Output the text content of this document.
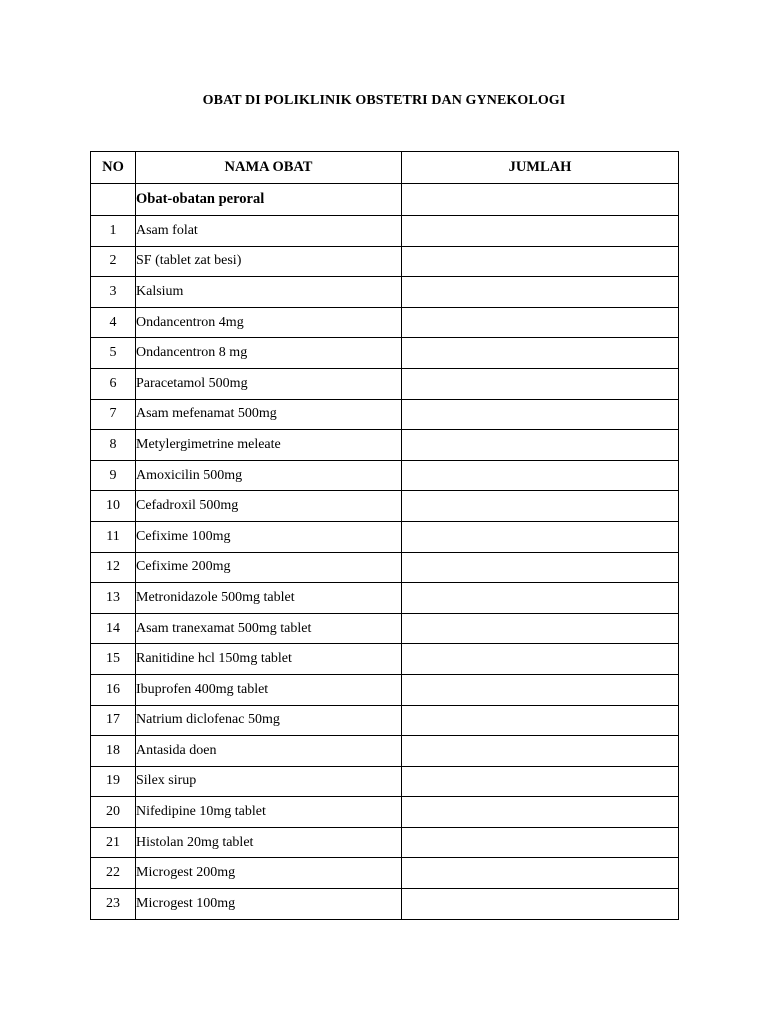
OBAT DI POLIKLINIK OBSTETRI DAN GYNEKOLOGI
NO	NAMA OBAT	JUMLAH
	Obat-obatan peroral	
1	Asam folat	
2	SF (tablet zat besi)	
3	Kalsium	
4	Ondancentron 4mg	
5	Ondancentron 8 mg	
6	Paracetamol 500mg	
7	Asam mefenamat 500mg	
8	Metylergimetrine meleate	
9	Amoxicilin 500mg	
10	Cefadroxil 500mg	
11	Cefixime 100mg	
12	Cefixime 200mg	
13	Metronidazole 500mg tablet	
14	Asam tranexamat 500mg tablet	
15	Ranitidine hcl 150mg tablet	
16	Ibuprofen 400mg tablet	
17	Natrium diclofenac 50mg	
18	Antasida doen	
19	Silex sirup	
20	Nifedipine 10mg tablet	
21	Histolan 20mg tablet	
22	Microgest 200mg	
23	Microgest 100mg	
